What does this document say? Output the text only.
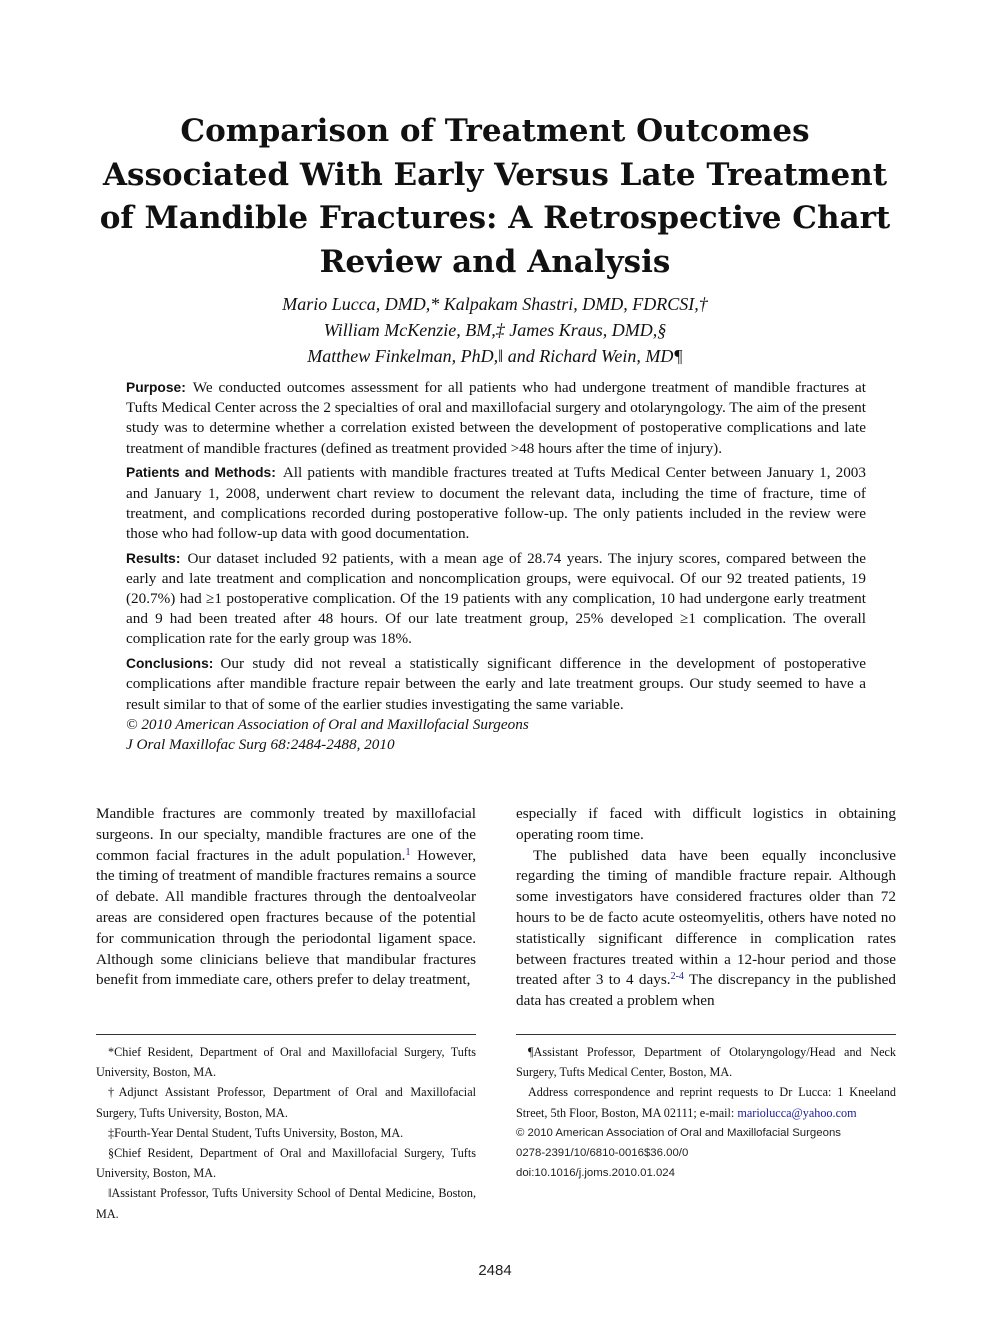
Comparison of Treatment Outcomes Associated With Early Versus Late Treatment of Mandible Fractures: A Retrospective Chart Review and Analysis
Mario Lucca, DMD,* Kalpakam Shastri, DMD, FDRCSI,†
William McKenzie, BM,‡ James Kraus, DMD,§
Matthew Finkelman, PhD,‖ and Richard Wein, MD¶

Purpose: We conducted outcomes assessment for all patients who had undergone treatment of mandible fractures at Tufts Medical Center across the 2 specialties of oral and maxillofacial surgery and otolaryngology. The aim of the present study was to determine whether a correlation existed between the development of postoperative complications and late treatment of mandible fractures (defined as treatment provided >48 hours after the time of injury).

Patients and Methods: All patients with mandible fractures treated at Tufts Medical Center between January 1, 2003 and January 1, 2008, underwent chart review to document the relevant data, including the time of fracture, time of treatment, and complications recorded during postoperative follow-up. The only patients included in the review were those who had follow-up data with good documentation.

Results: Our dataset included 92 patients, with a mean age of 28.74 years. The injury scores, compared between the early and late treatment and complication and noncomplication groups, were equivocal. Of our 92 treated patients, 19 (20.7%) had ≥1 postoperative complication. Of the 19 patients with any complication, 10 had undergone early treatment and 9 had been treated after 48 hours. Of our late treatment group, 25% developed ≥1 complication. The overall complication rate for the early group was 18%.

Conclusions: Our study did not reveal a statistically significant difference in the development of postoperative complications after mandible fracture repair between the early and late treatment groups. Our study seemed to have a result similar to that of some of the earlier studies investigating the same variable.

© 2010 American Association of Oral and Maxillofacial Surgeons

J Oral Maxillofac Surg 68:2484-2488, 2010

Mandible fractures are commonly treated by maxillofacial surgeons. In our specialty, mandible fractures are one of the common facial fractures in the adult population.$^1$ However, the timing of treatment of mandible fractures remains a source of debate. All mandible fractures through the dentoalveolar areas are considered open fractures because of the potential for communication through the periodontal ligament space. Although some clinicians believe that mandibular fractures benefit from immediate care, others prefer to delay treatment,

especially if faced with difficult logistics in obtaining operating room time.

The published data have been equally inconclusive regarding the timing of mandible fracture repair. Although some investigators have considered fractures older than 72 hours to be de facto acute osteomyelitis, others have noted no statistically significant difference in complication rates between fractures treated within a 12-hour period and those treated after 3 to 4 days.$^{2-4}$ The discrepancy in the published data has created a problem when

*Chief Resident, Department of Oral and Maxillofacial Surgery, Tufts University, Boston, MA.

†Adjunct Assistant Professor, Department of Oral and Maxillofacial Surgery, Tufts University, Boston, MA.

‡Fourth-Year Dental Student, Tufts University, Boston, MA.

§Chief Resident, Department of Oral and Maxillofacial Surgery, Tufts University, Boston, MA.

‖Assistant Professor, Tufts University School of Dental Medicine, Boston, MA.

¶Assistant Professor, Department of Otolaryngology/Head and Neck Surgery, Tufts Medical Center, Boston, MA.

Address correspondence and reprint requests to Dr Lucca: 1 Kneeland Street, 5th Floor, Boston, MA 02111; e-mail: mariolucca@yahoo.com

© 2010 American Association of Oral and Maxillofacial Surgeons

0278-2391/10/6810-0016$36.00/0

doi:10.1016/j.joms.2010.01.024

2484
